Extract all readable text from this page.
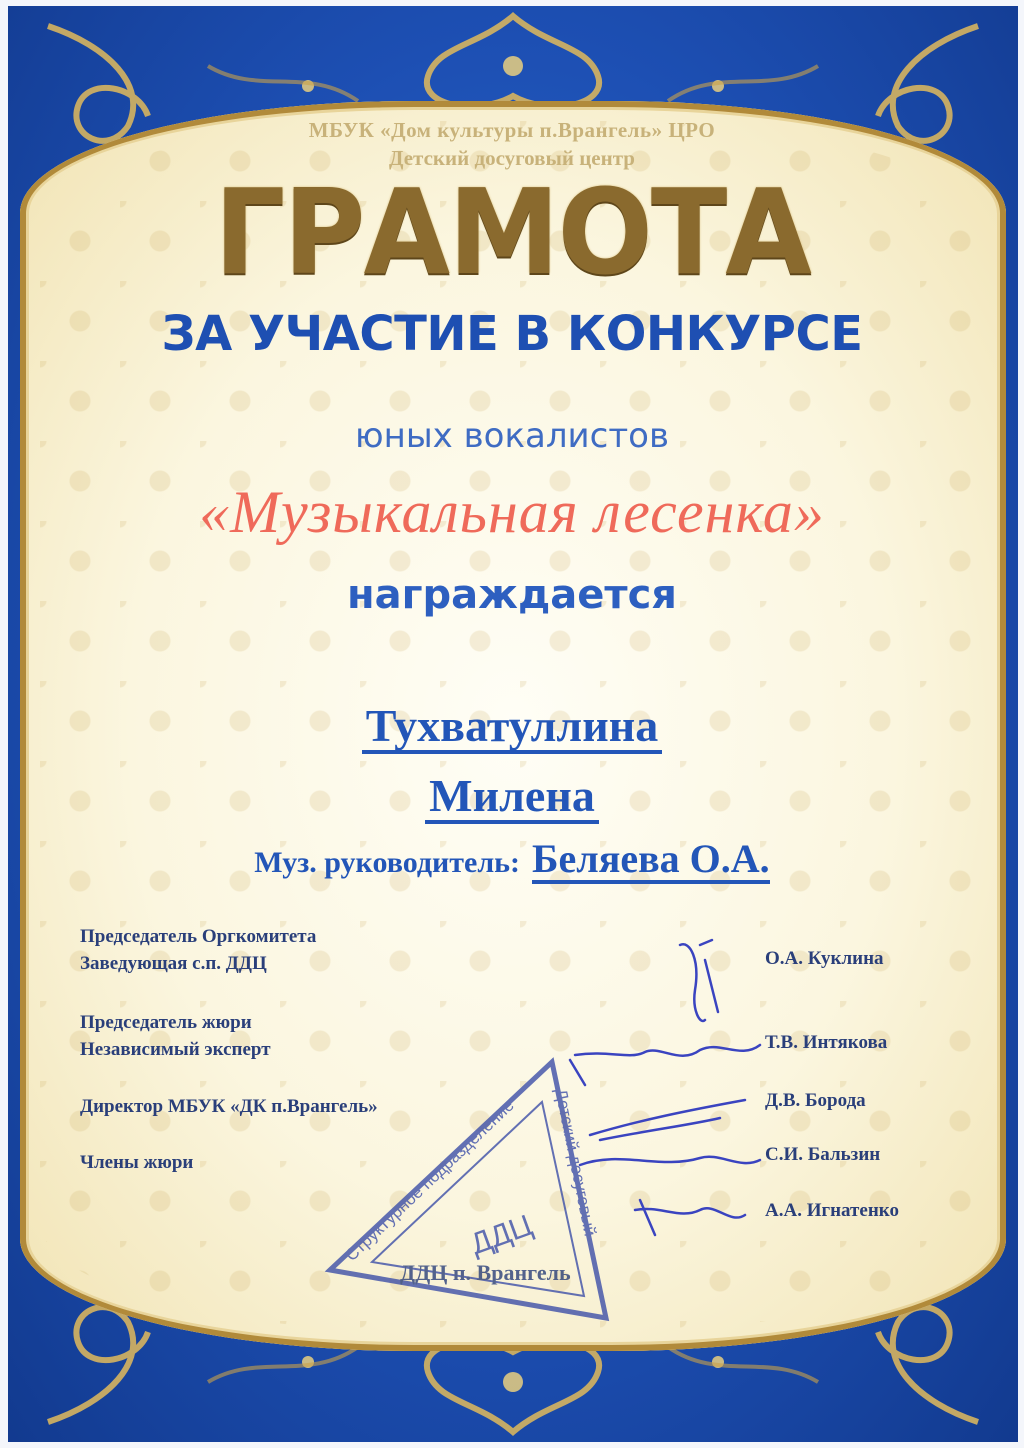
МБУК «Дом культуры п.Врангель» ЦРО

Детский досуговый центр

ГРАМОТА
ЗА УЧАСТИЕ В КОНКУРСЕ

юных вокалистов

«Музыкальная лесенка»

награждается

Тухватуллина
Милена
Муз. руководитель: Беляева О.А.

Председатель Оргкомитета

Заведующая с.п. ДДЦ

Председатель жюри

Независимый эксперт

Директор МБУК «ДК п.Врангель»

Члены жюри

О.А. Куклина

Т.В. Интякова

Д.В. Борода

С.И. Бальзин

А.А. Игнатенко

Структурное подразделение
Детский досуговый
ДДЦ
ДДЦ п. Врангель
